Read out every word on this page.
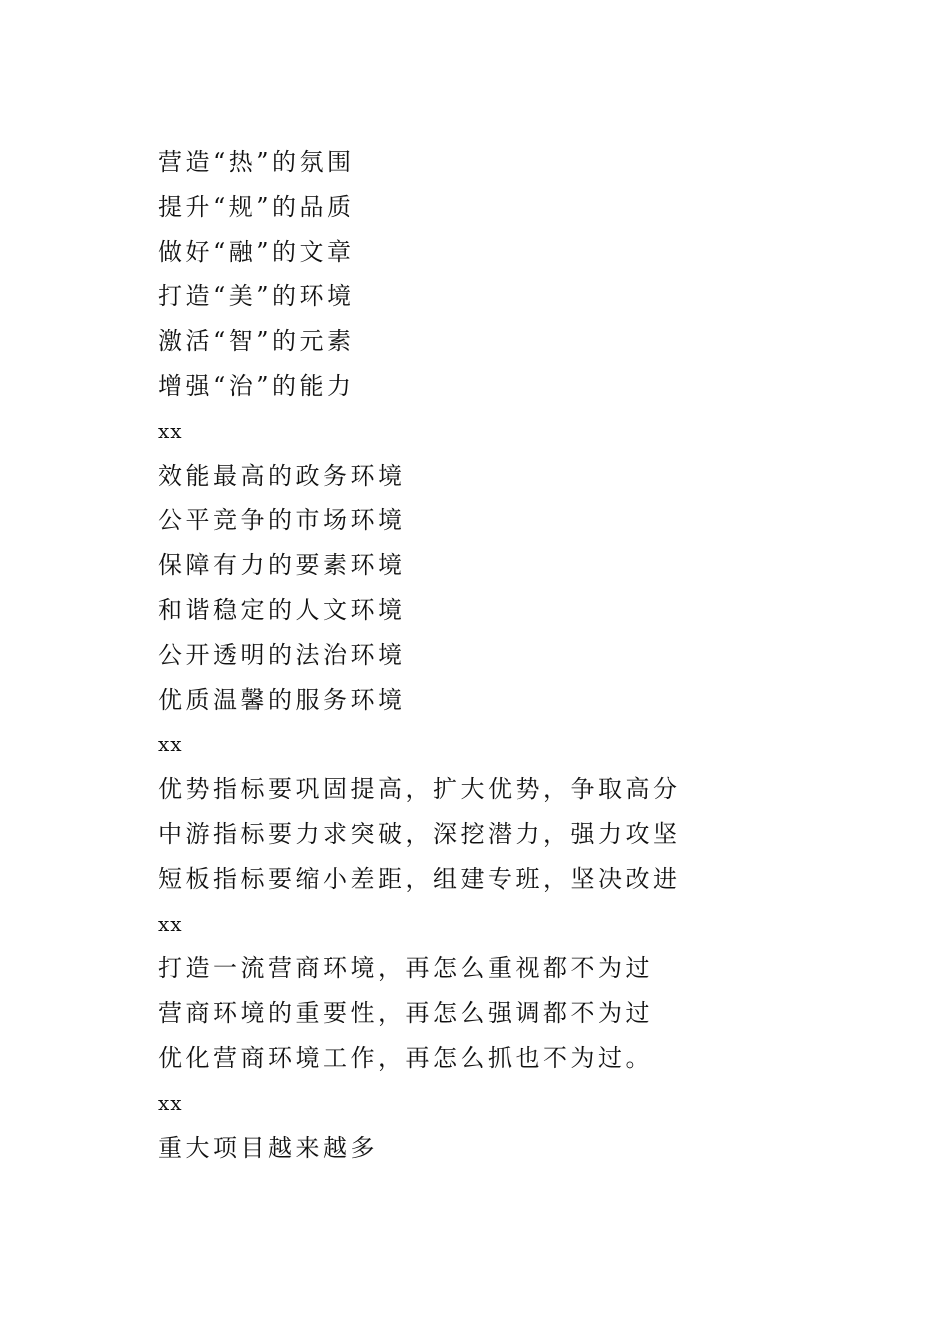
营造“热”的氛围
提升“规”的品质
做好“融”的文章
打造“美”的环境
激活“智”的元素
增强“治”的能力
xx
效能最高的政务环境
公平竞争的市场环境
保障有力的要素环境
和谐稳定的人文环境
公开透明的法治环境
优质温馨的服务环境
xx
优势指标要巩固提高，扩大优势，争取高分
中游指标要力求突破，深挖潜力，强力攻坚
短板指标要缩小差距，组建专班，坚决改进
xx
打造一流营商环境，再怎么重视都不为过
营商环境的重要性，再怎么强调都不为过
优化营商环境工作，再怎么抓也不为过。
xx
重大项目越来越多
